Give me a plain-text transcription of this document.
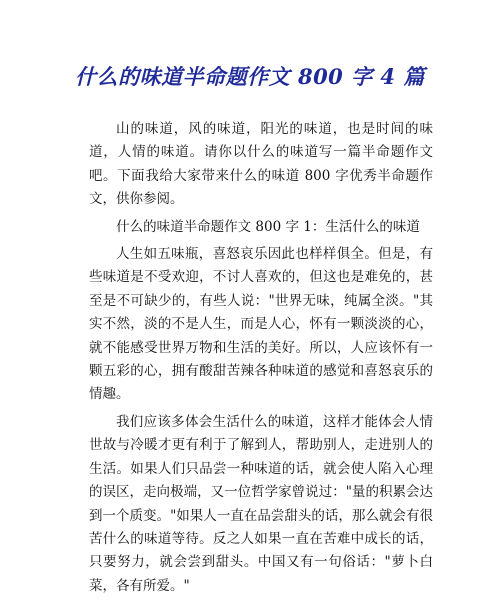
什么的味道半命题作文 800 字 4 篇

山的味道，风的味道，阳光的味道，也是时间的味道，人情的味道。请你以什么的味道写一篇半命题作文吧。下面我给大家带来什么的味道 800 字优秀半命题作文，供你参阅。

什么的味道半命题作文 800 字 1：生活什么的味道

人生如五味瓶，喜怒哀乐因此也样样俱全。但是，有些味道是不受欢迎，不讨人喜欢的，但这也是难免的，甚至是不可缺少的，有些人说："世界无味，纯属全淡。"其实不然，淡的不是人生，而是人心，怀有一颗淡淡的心，就不能感受世界万物和生活的美好。所以，人应该怀有一颗五彩的心，拥有酸甜苦辣各种味道的感觉和喜怒哀乐的情趣。

我们应该多体会生活什么的味道，这样才能体会人情世故与冷暖才更有利于了解到人，帮助别人，走进别人的生活。如果人们只品尝一种味道的话，就会使人陷入心理的误区，走向极端，又一位哲学家曾说过："量的积累会达到一个质变。"如果人一直在品尝甜头的话，那么就会有很苦什么的味道等待。反之人如果一直在苦难中成长的话，只要努力，就会尝到甜头。中国又有一句俗话："萝卜白菜，各有所爱。"
